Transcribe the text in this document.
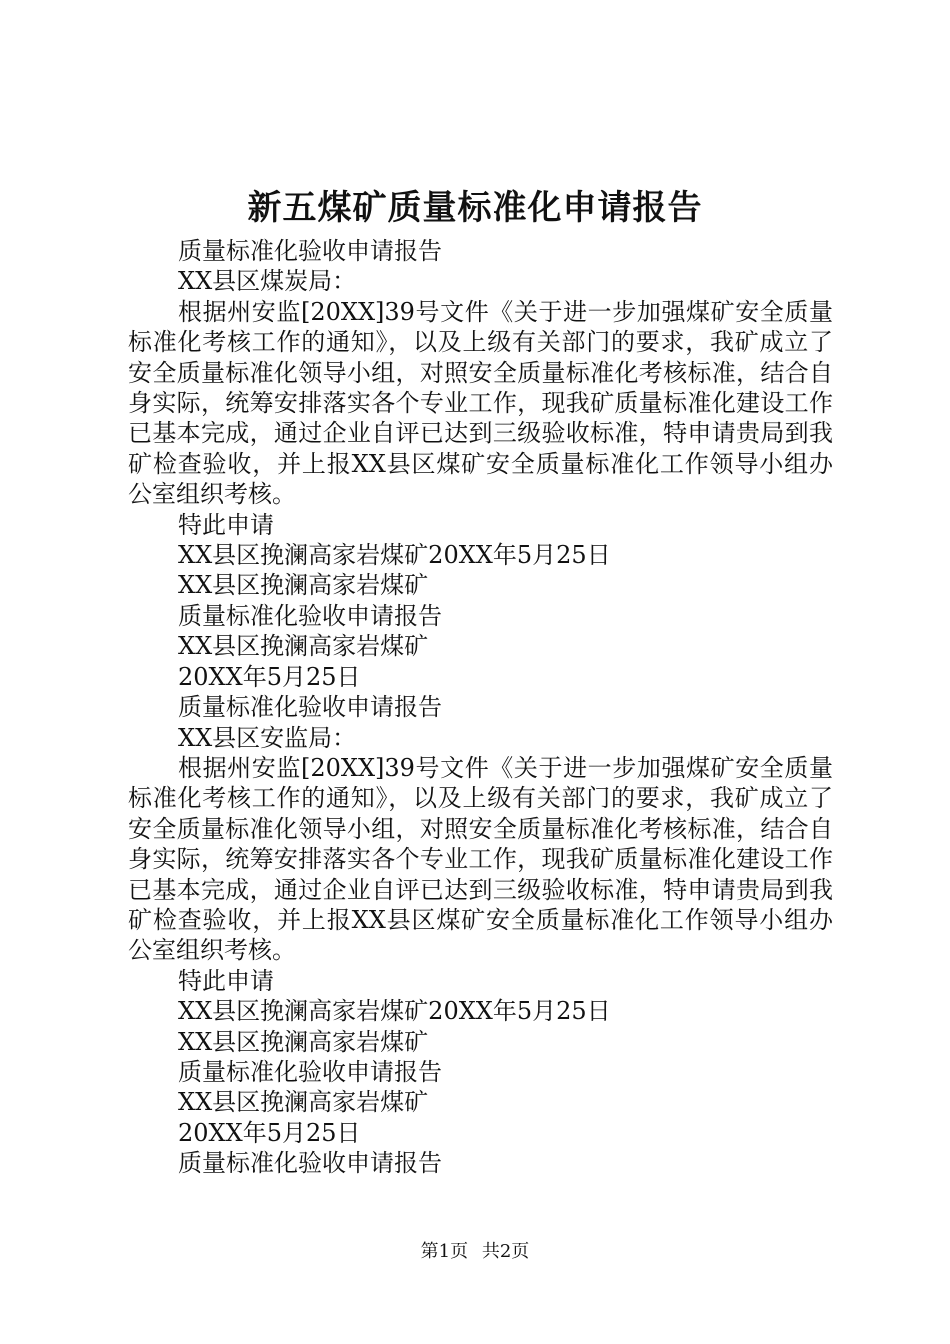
新五煤矿质量标准化申请报告

质量标准化验收申请报告

XX县区煤炭局：

根据州安监[20XX]39号文件《关于进一步加强煤矿安全质量标准化考核工作的通知》，以及上级有关部门的要求，我矿成立了安全质量标准化领导小组，对照安全质量标准化考核标准，结合自身实际，统筹安排落实各个专业工作，现我矿质量标准化建设工作已基本完成，通过企业自评已达到三级验收标准，特申请贵局到我矿检查验收，并上报XX县区煤矿安全质量标准化工作领导小组办公室组织考核。

特此申请

XX县区挽澜高家岩煤矿20XX年5月25日

XX县区挽澜高家岩煤矿

质量标准化验收申请报告

XX县区挽澜高家岩煤矿

20XX年5月25日

质量标准化验收申请报告

XX县区安监局：

根据州安监[20XX]39号文件《关于进一步加强煤矿安全质量标准化考核工作的通知》，以及上级有关部门的要求，我矿成立了安全质量标准化领导小组，对照安全质量标准化考核标准，结合自身实际，统筹安排落实各个专业工作，现我矿质量标准化建设工作已基本完成，通过企业自评已达到三级验收标准，特申请贵局到我矿检查验收，并上报XX县区煤矿安全质量标准化工作领导小组办公室组织考核。

特此申请

XX县区挽澜高家岩煤矿20XX年5月25日

XX县区挽澜高家岩煤矿

质量标准化验收申请报告

XX县区挽澜高家岩煤矿

20XX年5月25日

质量标准化验收申请报告

第1页 共2页
